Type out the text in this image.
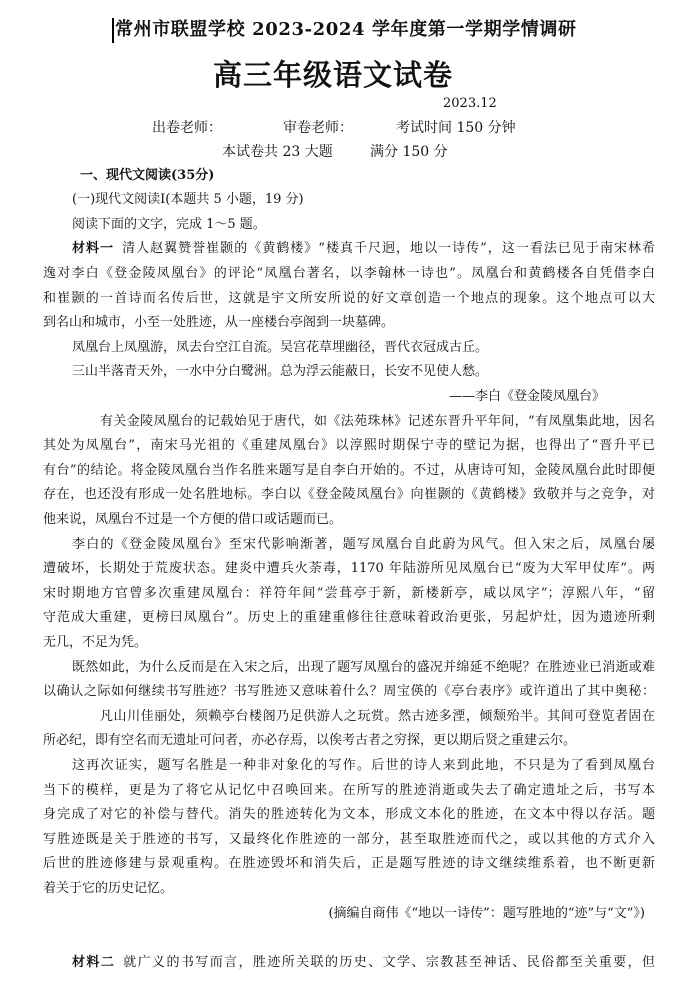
常州市联盟学校 2023-2024 学年度第一学期学情调研
高三年级语文试卷
2023.12
出卷老师：	审卷老师：	考试时间 150 分钟
本试卷共 23 大题	满分 150 分
一、现代文阅读(35分)
(一)现代文阅读Ⅰ(本题共 5 小题，19 分)
阅读下面的文字，完成 1～5 题。
材料一 清人赵翼赞誉崔颢的《黄鹤楼》“楼真千尺迥，地以一诗传”，这一看法已见于南宋林希
逸对李白《登金陵凤凰台》的评论“凤凰台著名，以李翰林一诗也”。凤凰台和黄鹤楼各自凭借李白
和崔颢的一首诗而名传后世，这就是宇文所安所说的好文章创造一个地点的现象。这个地点可以大
到名山和城市，小至一处胜迹，从一座楼台亭阁到一块墓碑。
凤凰台上凤凰游，凤去台空江自流。吴宫花草埋幽径，晋代衣冠成古丘。
三山半落青天外，一水中分白鹭洲。总为浮云能蔽日，长安不见使人愁。
——李白《登金陵凤凰台》
有关金陵凤凰台的记载始见于唐代，如《法苑珠林》记述东晋升平年间，“有凤凰集此地，因名
其处为凤凰台”，南宋马光祖的《重建凤凰台》以淳熙时期保宁寺的壁记为据，也得出了“晋升平已
有台”的结论。将金陵凤凰台当作名胜来题写是自李白开始的。不过，从唐诗可知，金陵凤凰台此时即便
存在，也还没有形成一处名胜地标。李白以《登金陵凤凰台》向崔颢的《黄鹤楼》致敬并与之竞争，对
他来说，凤凰台不过是一个方便的借口或话题而已。
李白的《登金陵凤凰台》至宋代影响渐著，题写凤凰台自此蔚为风气。但入宋之后，凤凰台屡
遭破坏，长期处于荒废状态。建炎中遭兵火荼毒，1170 年陆游所见凤凰台已“废为大军甲仗库”。两
宋时期地方官曾多次重建凤凰台：祥符年间“尝葺亭于新，新楼新亭，咸以凤字”；淳熙八年，“留
守范成大重建，更榜曰凤凰台”。历史上的重建重修往往意味着政治更张，另起炉灶，因为遗迹所剩
无几，不足为凭。
既然如此，为什么反而是在入宋之后，出现了题写凤凰台的盛况并绵延不绝呢？在胜迹业已消逝或难
以确认之际如何继续书写胜迹？书写胜迹又意味着什么？周宝偀的《亭台表序》或许道出了其中奥秘：
凡山川佳丽处，须赖亭台楼阁乃足供游人之玩赏。然古迹多湮，倾颓殆半。其间可登览者固在
所必纪，即有空名而无遗址可问者，亦必存焉，以俟考古者之穷探，更以期后贤之重建云尔。
这再次证实，题写名胜是一种非对象化的写作。后世的诗人来到此地，不只是为了看到凤凰台
当下的模样，更是为了将它从记忆中召唤回来。在所写的胜迹消逝或失去了确定遗址之后，书写本
身完成了对它的补偿与替代。消失的胜迹转化为文本，形成文本化的胜迹，在文本中得以存活。题
写胜迹既是关于胜迹的书写，又最终化作胜迹的一部分，甚至取胜迹而代之，或以其他的方式介入
后世的胜迹修建与景观重构。在胜迹毁坏和消失后，正是题写胜迹的诗文继续维系着，也不断更新
着关于它的历史记忆。
(摘编自商伟《“地以一诗传”：题写胜地的“迹”与“文”》)
材料二 就广义的书写而言，胜迹所关联的历史、文学、宗教甚至神话、民俗都至关重要，但
